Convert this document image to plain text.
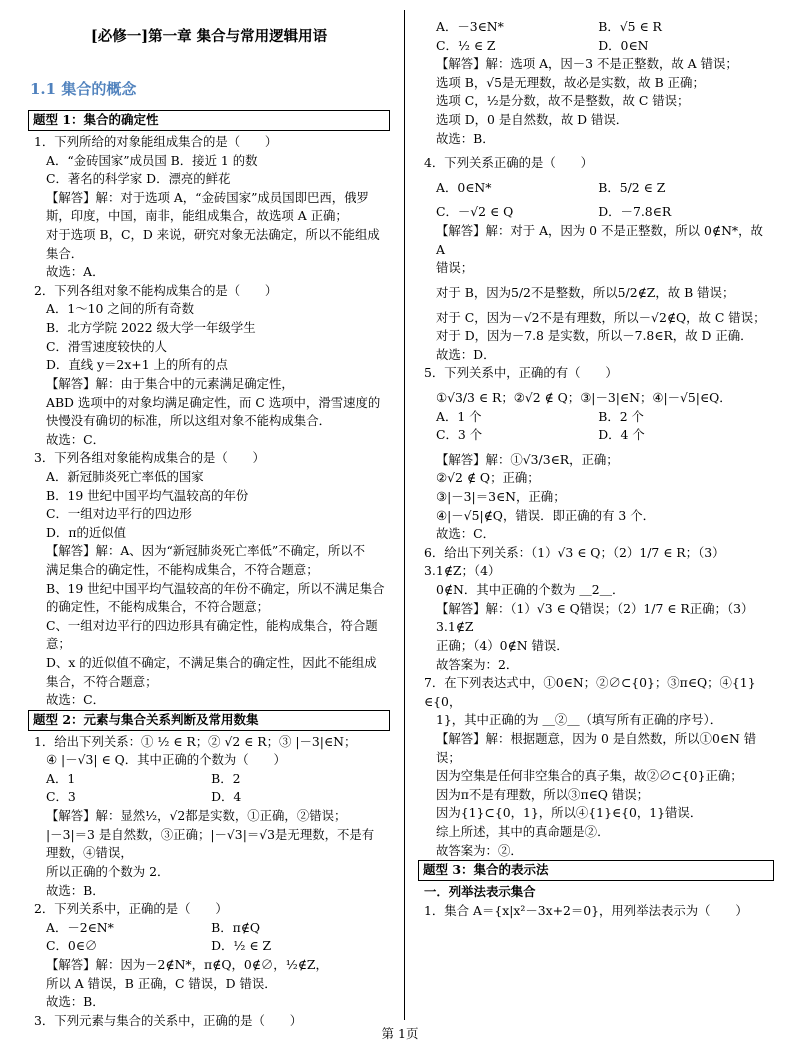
[必修一]第一章 集合与常用逻辑用语
1.1 集合的概念
题型 1：集合的确定性
1．下列所给的对象能组成集合的是（　　）
A．“金砖国家”成员国 B．接近 1 的数
C．著名的科学家 D．漂亮的鲜花
【解答】解：对于选项 A，“金砖国家”成员国即巴西，俄罗
斯，印度，中国，南非，能组成集合，故选项 A 正确；
对于选项 B，C，D 来说，研究对象无法确定，所以不能组成
集合．
故选：A．
2．下列各组对象不能构成集合的是（　　）
A．1～10 之间的所有奇数
B．北方学院 2022 级大学一年级学生
C．滑雪速度较快的人
D．直线 y＝2x+1 上的所有的点
【解答】解：由于集合中的元素满足确定性，
ABD 选项中的对象均满足确定性，而 C 选项中，滑雪速度的
快慢没有确切的标准，所以这组对象不能构成集合．
故选：C．
3．下列各组对象能构成集合的是（　　）
A．新冠肺炎死亡率低的国家
B．19 世纪中国平均气温较高的年份
C．一组对边平行的四边形
D．π的近似值
【解答】解：A、因为“新冠肺炎死亡率低”不确定，所以不
满足集合的确定性，不能构成集合，不符合题意；
B、19 世纪中国平均气温较高的年份不确定，所以不满足集合
的确定性，不能构成集合，不符合题意；
C、一组对边平行的四边形具有确定性，能构成集合，符合题
意；
D、x 的近似值不确定，不满足集合的确定性，因此不能组成
集合，不符合题意；
故选：C．
题型 2：元素与集合关系判断及常用数集
1．给出下列关系：① ½ ∈ R；② √2 ∈ R；③ |－3|∈N；
④ |－√3| ∈ Q．其中正确的个数为（　　）
A．1	B．2
C．3	D．4
【解答】解：显然½，√2都是实数，①正确，②错误；
|－3|＝3 是自然数，③正确；|－√3|＝√3是无理数，不是有
理数，④错误，
所以正确的个数为 2．
故选：B．
2．下列关系中，正确的是（　　）
A．－2∈N*	B．π∉Q
C．0∈∅	D．½ ∈ Z
【解答】解：因为－2∉N*，π∉Q，0∉∅，½∉Z，
所以 A 错误，B 正确，C 错误，D 错误．
故选：B．
3．下列元素与集合的关系中，正确的是（　　）
A．－3∈N*	B．√5 ∈ R
C．½ ∈ Z	D．0∈N
【解答】解：选项 A，因－3 不是正整数，故 A 错误；
选项 B，√5是无理数，故必是实数，故 B 正确；
选项 C，½是分数，故不是整数，故 C 错误；
选项 D，0 是自然数，故 D 错误．
故选：B．
4．下列关系正确的是（　　）
A．0∈N*	B．5/2 ∈ Z
C．－√2 ∈ Q	D．－7.8∈R
【解答】解：对于 A，因为 0 不是正整数，所以 0∉N*，故 A
错误；
对于 B，因为5/2不是整数，所以5/2∉Z，故 B 错误；
对于 C，因为－√2不是有理数，所以－√2∉Q，故 C 错误；
对于 D，因为－7.8 是实数，所以－7.8∈R，故 D 正确．
故选：D．
5．下列关系中，正确的有（　　）
①√3/3 ∈ R；②√2 ∉ Q；③|－3|∈N；④|－√5|∈Q．
A．1 个	B．2 个
C．3 个	D．4 个
【解答】解：①√3/3∈R，正确；
②√2 ∉ Q；正确；
③|－3|＝3∈N，正确；
④|－√5|∉Q，错误．即正确的有 3 个．
故选：C．
6．给出下列关系：（1）√3 ∈ Q；（2）1/7 ∈ R；（3）3.1∉Z；（4）
0∉N．其中正确的个数为 ＿2＿．
【解答】解：（1）√3 ∈ Q错误；（2）1/7 ∈ R正确；（3）3.1∉Z
正确；（4）0∉N 错误．
故答案为：2．
7．在下列表达式中，①0∈N；②∅⊂{0}；③π∈Q；④{1}∈{0，
1}，其中正确的为 ＿②＿（填写所有正确的序号）．
【解答】解：根据题意，因为 0 是自然数，所以①0∈N 错误；
因为空集是任何非空集合的真子集，故②∅⊂{0}正确；
因为π不是有理数，所以③π∈Q 错误；
因为{1}⊂{0，1}，所以④{1}∈{0，1}错误．
综上所述，其中的真命题是②．
故答案为：②．
题型 3：集合的表示法
一．列举法表示集合
1．集合 A＝{x|x²－3x+2＝0}，用列举法表示为（　　）
第 1页
